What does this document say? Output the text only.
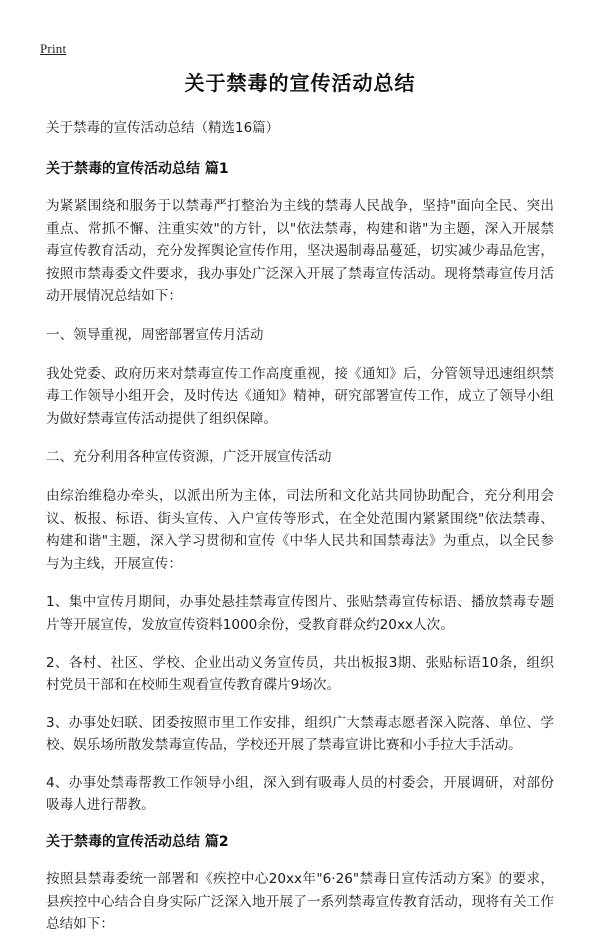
Print
关于禁毒的宣传活动总结

关于禁毒的宣传活动总结（精选16篇）

关于禁毒的宣传活动总结 篇1

为紧紧围绕和服务于以禁毒严打整治为主线的禁毒人民战争，坚持"面向全民、突出重点、常抓不懈、注重实效"的方针，以"依法禁毒，构建和谐"为主题，深入开展禁毒宣传教育活动，充分发挥舆论宣传作用，坚决遏制毒品蔓延，切实减少毒品危害，按照市禁毒委文件要求，我办事处广泛深入开展了禁毒宣传活动。现将禁毒宣传月活动开展情况总结如下：

一、领导重视，周密部署宣传月活动

我处党委、政府历来对禁毒宣传工作高度重视，接《通知》后，分管领导迅速组织禁毒工作领导小组开会，及时传达《通知》精神，研究部署宣传工作，成立了领导小组为做好禁毒宣传活动提供了组织保障。

二、充分利用各种宣传资源，广泛开展宣传活动

由综治维稳办牵头，以派出所为主体，司法所和文化站共同协助配合，充分利用会议、板报、标语、街头宣传、入户宣传等形式，在全处范围内紧紧围绕"依法禁毒、构建和谐"主题，深入学习贯彻和宣传《中华人民共和国禁毒法》为重点，以全民参与为主线，开展宣传：

1、集中宣传月期间，办事处悬挂禁毒宣传图片、张贴禁毒宣传标语、播放禁毒专题片等开展宣传，发放宣传资料1000余份，受教育群众约20xx人次。

2、各村、社区、学校、企业出动义务宣传员，共出板报3期、张贴标语10条，组织村党员干部和在校师生观看宣传教育碟片9场次。

3、办事处妇联、团委按照市里工作安排，组织广大禁毒志愿者深入院落、单位、学校、娱乐场所散发禁毒宣传品，学校还开展了禁毒宣讲比赛和小手拉大手活动。

4、办事处禁毒帮教工作领导小组，深入到有吸毒人员的村委会，开展调研，对部份吸毒人进行帮教。

关于禁毒的宣传活动总结 篇2

按照县禁毒委统一部署和《疾控中心20xx年"6·26"禁毒日宣传活动方案》的要求，县疾控中心结合自身实际广泛深入地开展了一系列禁毒宣传教育活动，现将有关工作总结如下：
